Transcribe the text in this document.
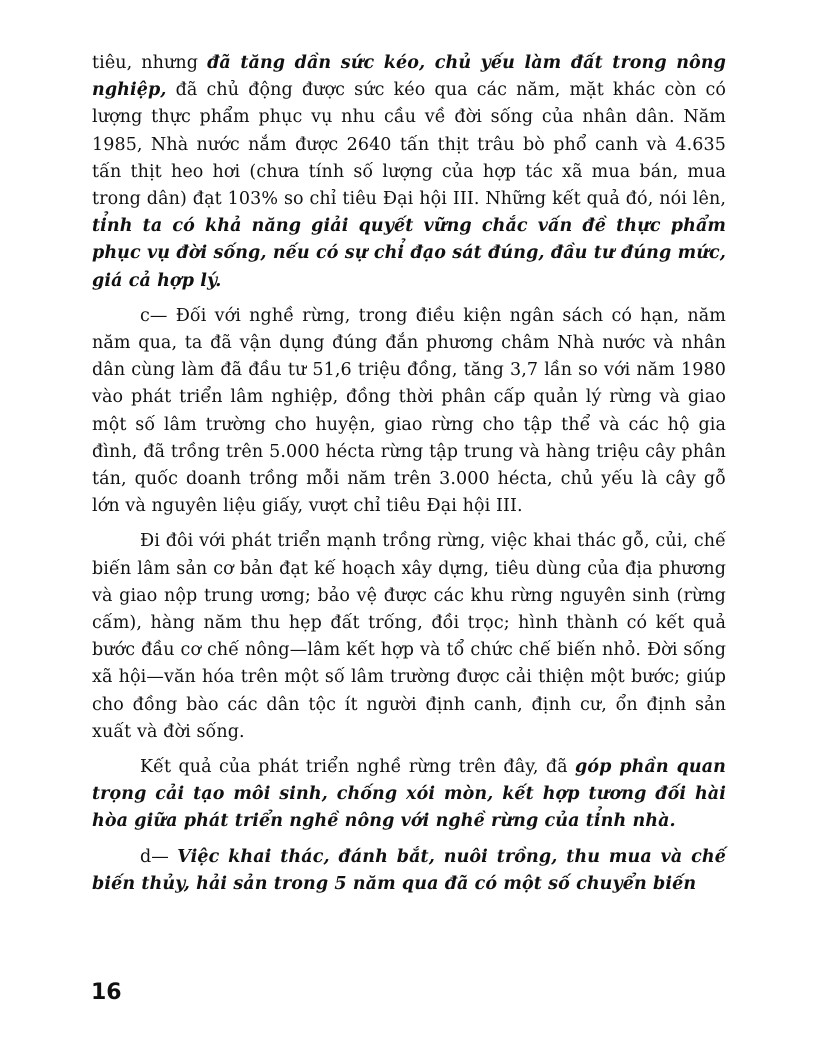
tiêu, nhưng đã tăng dần sức kéo, chủ yếu làm đất trong nông nghiệp, đã chủ động được sức kéo qua các năm, mặt khác còn có lượng thực phẩm phục vụ nhu cầu về đời sống của nhân dân. Năm 1985, Nhà nước nắm được 2640 tấn thịt trâu bò phổ canh và 4.635 tấn thịt heo hơi (chưa tính số lượng của hợp tác xã mua bán, mua trong dân) đạt 103% so chỉ tiêu Đại hội III. Những kết quả đó, nói lên, tỉnh ta có khả năng giải quyết vững chắc vấn đề thực phẩm phục vụ đời sống, nếu có sự chỉ đạo sát đúng, đầu tư đúng mức, giá cả hợp lý.

c— Đối với nghề rừng, trong điều kiện ngân sách có hạn, năm năm qua, ta đã vận dụng đúng đắn phương châm Nhà nước và nhân dân cùng làm đã đầu tư 51,6 triệu đồng, tăng 3,7 lần so với năm 1980 vào phát triển lâm nghiệp, đồng thời phân cấp quản lý rừng và giao một số lâm trường cho huyện, giao rừng cho tập thể và các hộ gia đình, đã trồng trên 5.000 hécta rừng tập trung và hàng triệu cây phân tán, quốc doanh trồng mỗi năm trên 3.000 hécta, chủ yếu là cây gỗ lớn và nguyên liệu giấy, vượt chỉ tiêu Đại hội III.

Đi đôi với phát triển mạnh trồng rừng, việc khai thác gỗ, củi, chế biến lâm sản cơ bản đạt kế hoạch xây dựng, tiêu dùng của địa phương và giao nộp trung ương; bảo vệ được các khu rừng nguyên sinh (rừng cấm), hàng năm thu hẹp đất trống, đồi trọc; hình thành có kết quả bước đầu cơ chế nông—lâm kết hợp và tổ chức chế biến nhỏ. Đời sống xã hội—văn hóa trên một số lâm trường được cải thiện một bước; giúp cho đồng bào các dân tộc ít người định canh, định cư, ổn định sản xuất và đời sống.

Kết quả của phát triển nghề rừng trên đây, đã góp phần quan trọng cải tạo môi sinh, chống xói mòn, kết hợp tương đối hài hòa giữa phát triển nghề nông với nghề rừng của tỉnh nhà.

d— Việc khai thác, đánh bắt, nuôi trồng, thu mua và chế biến thủy, hải sản trong 5 năm qua đã có một số chuyển biến

16
